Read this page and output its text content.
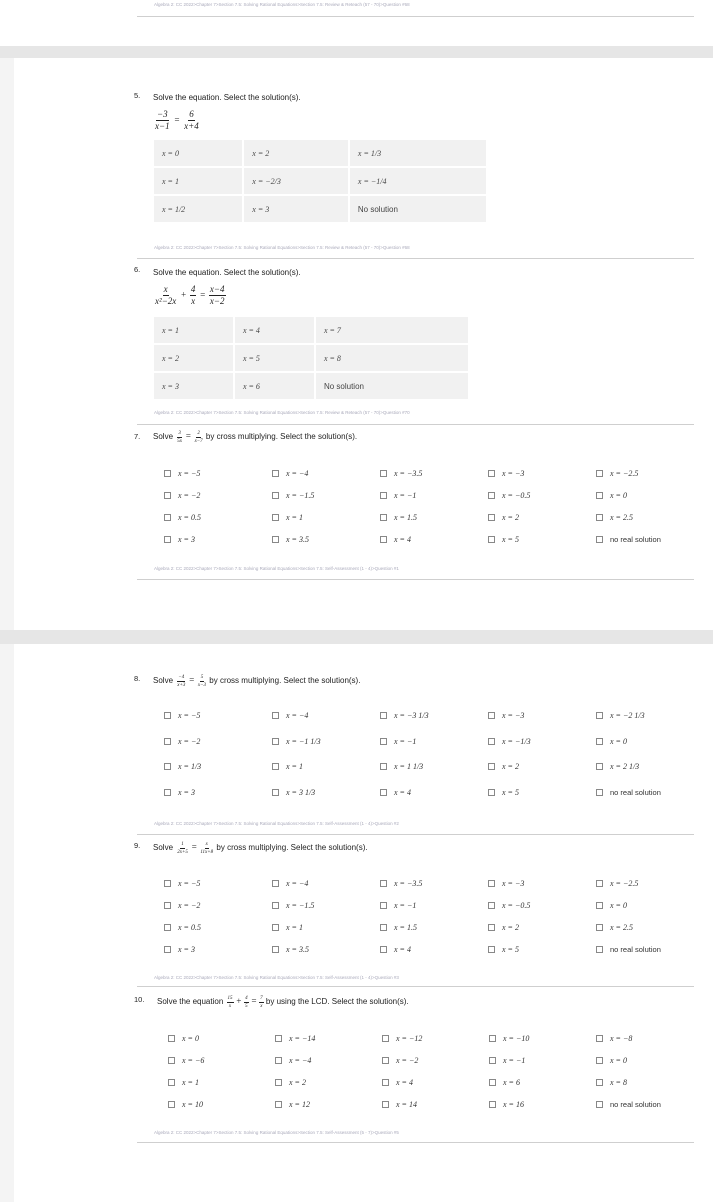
Algebra 2: CC 2022>Chapter 7>Section 7.5: Solving Rational Equations>Section 7.5: Review & Reteach (57 - 70)>Question #68
5. Solve the equation. Select the solution(s).
$\frac{-3}{x-1} = \frac{6}{x+4}$
x = 0	x = 2	x = 1/3
x = 1	x = −2/3	x = −1/4
x = 1/2	x = 3	No solution
Algebra 2: CC 2022>Chapter 7>Section 7.5: Solving Rational Equations>Section 7.5: Review & Reteach (57 - 70)>Question #68
6. Solve the equation. Select the solution(s).
$\frac{x}{\text{x²−2x}} + \frac{4}{x} = \frac{x-4}{x-2}$
x = 1	x = 4	x = 7
x = 2	x = 5	x = 8
x = 3	x = 6	No solution
Algebra 2: CC 2022>Chapter 7>Section 7.5: Solving Rational Equations>Section 7.5: Review & Reteach (57 - 70)>Question #70
7. Solve $\frac{3}{5x} = \frac{2}{x-7}$ by cross multiplying. Select the solution(s).
x = −5	x = −4	x = −3.5	x = −3	x = −2.5
x = −2	x = −1.5	x = −1	x = −0.5	x = 0
x = 0.5	x = 1	x = 1.5	x = 2	x = 2.5
x = 3	x = 3.5	x = 4	x = 5	no real solution
Algebra 2: CC 2022>Chapter 7>Section 7.5: Solving Rational Equations>Section 7.5: Self-Assessment (1 - 4)>Question #1
8. Solve $\frac{-4}{x+3} = \frac{5}{x-3}$ by cross multiplying. Select the solution(s).
x = −5	x = −4	x = −3 1/3	x = −3	x = −2 1/3
x = −2	x = −1 1/3	x = −1	x = −1/3	x = 0
x = 1/3	x = 1	x = 1 1/3	x = 2	x = 2 1/3
x = 3	x = 3 1/3	x = 4	x = 5	no real solution
Algebra 2: CC 2022>Chapter 7>Section 7.5: Solving Rational Equations>Section 7.5: Self-Assessment (1 - 4)>Question #2
9. Solve $\frac{1}{2x+5} = \frac{x}{11x+8}$ by cross multiplying. Select the solution(s).
x = −5	x = −4	x = −3.5	x = −3	x = −2.5
x = −2	x = −1.5	x = −1	x = −0.5	x = 0
x = 0.5	x = 1	x = 1.5	x = 2	x = 2.5
x = 3	x = 3.5	x = 4	x = 5	no real solution
Algebra 2: CC 2022>Chapter 7>Section 7.5: Solving Rational Equations>Section 7.5: Self-Assessment (1 - 4)>Question #3
10. Solve the equation $\frac{15}{x} + \frac{4}{5} = \frac{7}{x}$ by using the LCD. Select the solution(s).
x = 0	x = −14	x = −12	x = −10	x = −8
x = −6	x = −4	x = −2	x = −1	x = 0
x = 1	x = 2	x = 4	x = 6	x = 8
x = 10	x = 12	x = 14	x = 16	no real solution
Algebra 2: CC 2022>Chapter 7>Section 7.5: Solving Rational Equations>Section 7.5: Self-Assessment (5 - 7)>Question #5
